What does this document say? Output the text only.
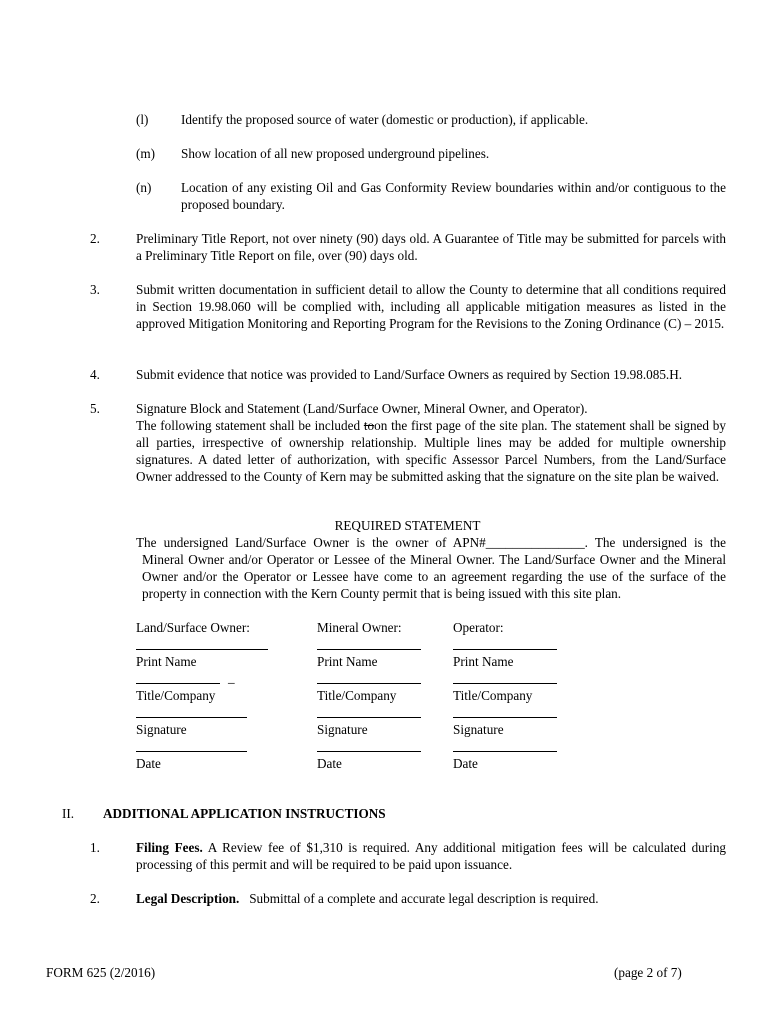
(l) Identify the proposed source of water (domestic or production), if applicable.
(m) Show location of all new proposed underground pipelines.
(n) Location of any existing Oil and Gas Conformity Review boundaries within and/or contiguous to the proposed boundary.
2.	Preliminary Title Report, not over ninety (90) days old. A Guarantee of Title may be submitted for parcels with a Preliminary Title Report on file, over (90) days old.
3.	Submit written documentation in sufficient detail to allow the County to determine that all conditions required in Section 19.98.060 will be complied with, including all applicable mitigation measures as listed in the approved Mitigation Monitoring and Reporting Program for the Revisions to the Zoning Ordinance (C) – 2015.
4.	Submit evidence that notice was provided to Land/Surface Owners as required by Section 19.98.085.H.
5.	Signature Block and Statement (Land/Surface Owner, Mineral Owner, and Operator).
The following statement shall be included toon the first page of the site plan. The statement shall be signed by all parties, irrespective of ownership relationship. Multiple lines may be added for multiple ownership signatures. A dated letter of authorization, with specific Assessor Parcel Numbers, from the Land/Surface Owner addressed to the County of Kern may be submitted asking that the signature on the site plan be waived.
REQUIRED STATEMENT
The undersigned Land/Surface Owner is the owner of APN#_______________. The undersigned is the
Mineral Owner and/or Operator or Lessee of the Mineral Owner. The Land/Surface Owner and the Mineral Owner and/or the Operator or Lessee have come to an agreement regarding the use of the surface of the property in connection with the Kern County permit that is being issued with this site plan.
Land/Surface Owner:	Mineral Owner:	Operator:
Print Name	Print Name	Print Name
_
Title/Company	Title/Company	Title/Company
Signature	Signature	Signature
Date	Date	Date
II. ADDITIONAL APPLICATION INSTRUCTIONS
1.	Filing Fees. A Review fee of $1,310 is required. Any additional mitigation fees will be calculated during processing of this permit and will be required to be paid upon issuance.
2.	Legal Description.   Submittal of a complete and accurate legal description is required.
FORM 625 (2/2016)	(page 2 of 7)
